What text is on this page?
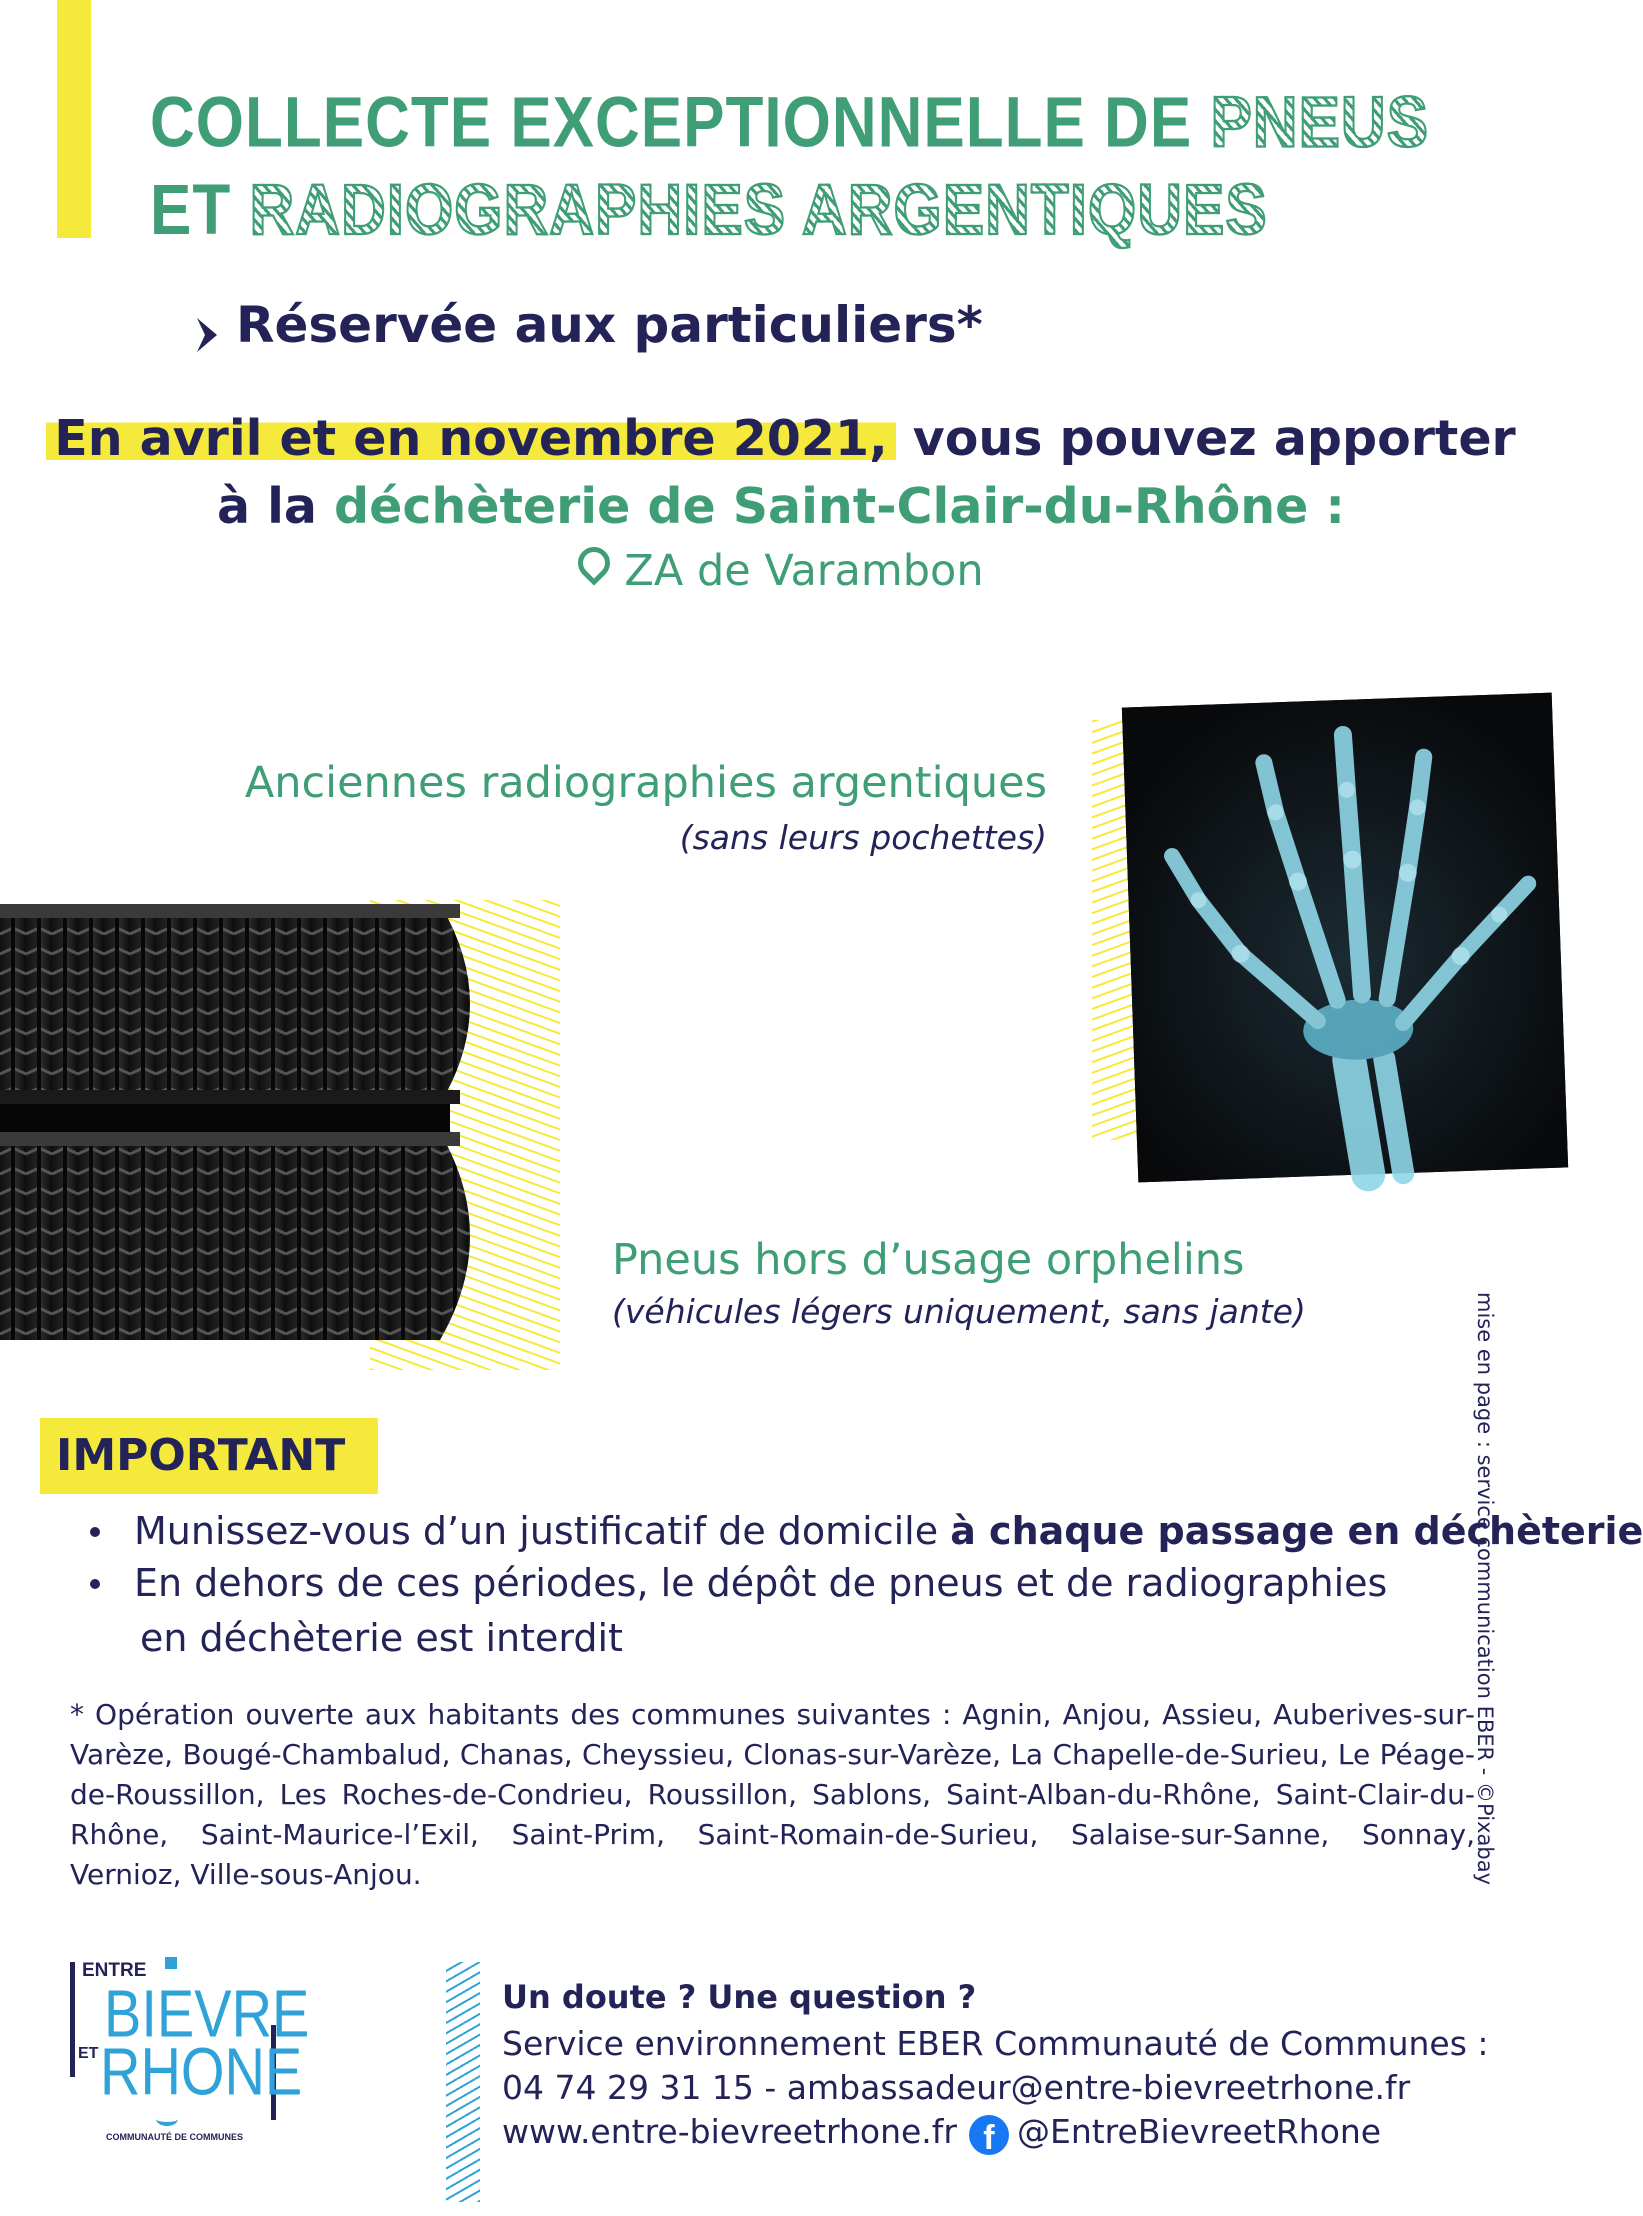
COLLECTE EXCEPTIONNELLE DE PNEUS
ET RADIOGRAPHIES ARGENTIQUES
Réservée aux particuliers*
En avril et en novembre 2021, vous pouvez apporter
à la déchèterie de Saint-Clair-du-Rhône :
ZA de Varambon
Anciennes radiographies argentiques
(sans leurs pochettes)
Pneus hors d’usage orphelins
(véhicules légers uniquement, sans jante)
IMPORTANT
Munissez-vous d’un justificatif de domicile à chaque passage en déchèterie
En dehors de ces périodes, le dépôt de pneus et de radiographies
en déchèterie est interdit
* Opération ouverte aux habitants des communes suivantes : Agnin, Anjou, Assieu, Auberives-sur-Varèze, Bougé-Chambalud, Chanas, Cheyssieu, Clonas-sur-Varèze, La Chapelle-de-Surieu, Le Péage-de-Roussillon, Les Roches-de-Condrieu, Roussillon, Sablons, Saint-Alban-du-Rhône, Saint-Clair-du-Rhône, Saint-Maurice-l’Exil, Saint-Prim, Saint-Romain-de-Surieu, Salaise-sur-Sanne, Sonnay, Vernioz, Ville-sous-Anjou.	mise en page : service communication EBER - ©Pixabay
ENTRE
BIEVRE
ET RHONE
COMMUNAUTÉ DE COMMUNES
Un doute ? Une question ?
Service environnement EBER Communauté de Communes :
04 74 29 31 15 - ambassadeur@entre-bievreetrhone.fr
www.entre-bievreetrhone.fr f @EntreBievreetRhone
